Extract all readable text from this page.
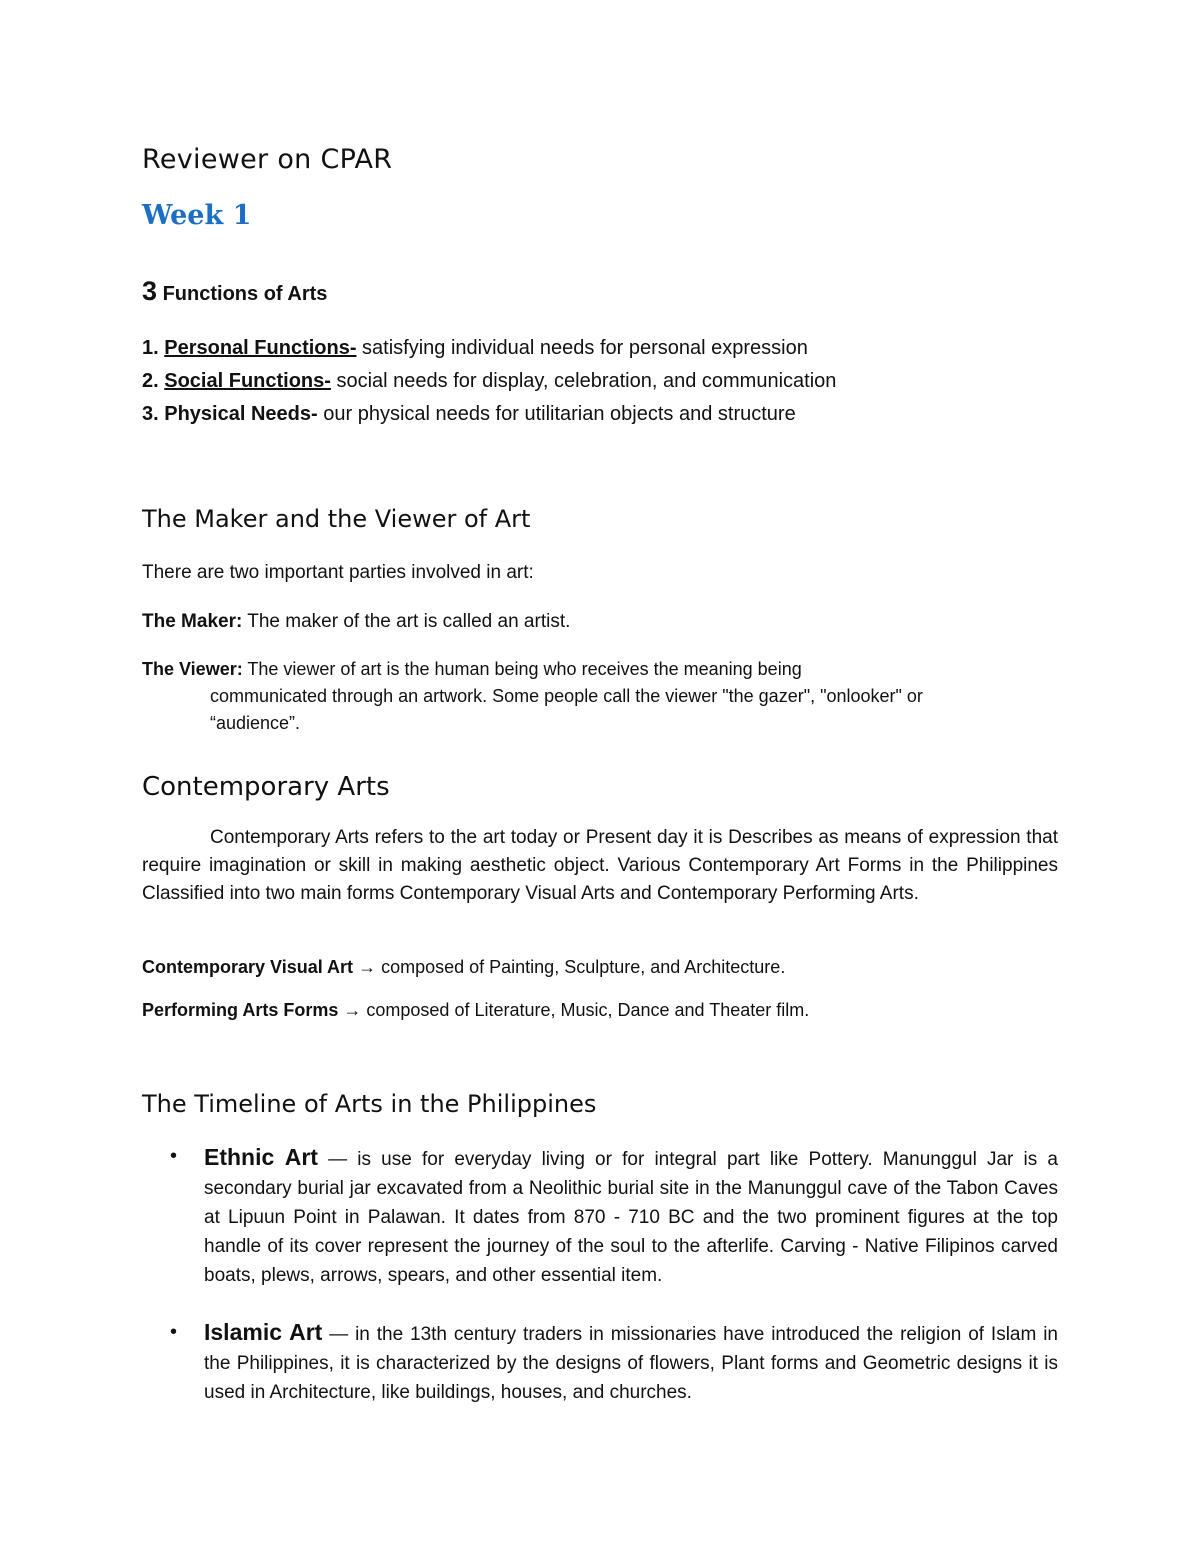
Reviewer on CPAR
Week 1
3 Functions of Arts
1. Personal Functions- satisfying individual needs for personal expression
2. Social Functions- social needs for display, celebration, and communication
3. Physical Needs- our physical needs for utilitarian objects and structure
The Maker and the Viewer of Art
There are two important parties involved in art:
The Maker: The maker of the art is called an artist.
The Viewer: The viewer of art is the human being who receives the meaning being
communicated through an artwork. Some people call the viewer "the gazer", "onlooker" or
“audience”.
Contemporary Arts
Contemporary Arts refers to the art today or Present day it is Describes as means of expression that require imagination or skill in making aesthetic object. Various Contemporary Art Forms in the Philippines Classified into two main forms Contemporary Visual Arts and Contemporary Performing Arts.
Contemporary Visual Art → composed of Painting, Sculpture, and Architecture.
Performing Arts Forms → composed of Literature, Music, Dance and Theater film.
The Timeline of Arts in the Philippines
• Ethnic Art — is use for everyday living or for integral part like Pottery. Manunggul Jar is a secondary burial jar excavated from a Neolithic burial site in the Manunggul cave of the Tabon Caves at Lipuun Point in Palawan. It dates from 870 - 710 BC and the two prominent figures at the top handle of its cover represent the journey of the soul to the afterlife. Carving - Native Filipinos carved boats, plews, arrows, spears, and other essential item.
• Islamic Art — in the 13th century traders in missionaries have introduced the religion of Islam in the Philippines, it is characterized by the designs of flowers, Plant forms and Geometric designs it is used in Architecture, like buildings, houses, and churches.
